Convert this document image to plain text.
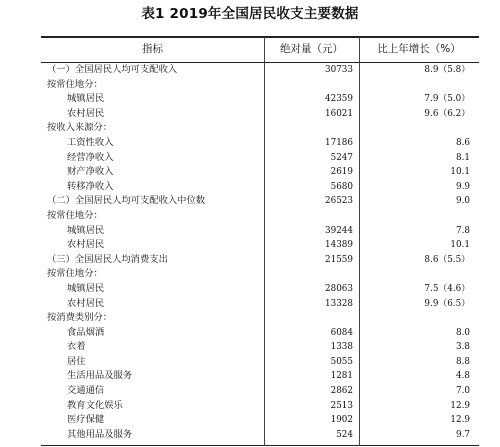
表1 2019年全国居民收支主要数据
指标	绝对量（元）	比上年增长（%）
（一）全国居民人均可支配收入	30733	8.9（5.8）
按常住地分：
城镇居民	42359	7.9（5.0）
农村居民	16021	9.6（6.2）
按收入来源分：
工资性收入	17186	8.6
经营净收入	5247	8.1
财产净收入	2619	10.1
转移净收入	5680	9.9
（二）全国居民人均可支配收入中位数	26523	9.0
按常住地分：
城镇居民	39244	7.8
农村居民	14389	10.1
（三）全国居民人均消费支出	21559	8.6（5.5）
按常住地分：
城镇居民	28063	7.5（4.6）
农村居民	13328	9.9（6.5）
按消费类别分：
食品烟酒	6084	8.0
衣着	1338	3.8
居住	5055	8.8
生活用品及服务	1281	4.8
交通通信	2862	7.0
教育文化娱乐	2513	12.9
医疗保健	1902	12.9
其他用品及服务	524	9.7
